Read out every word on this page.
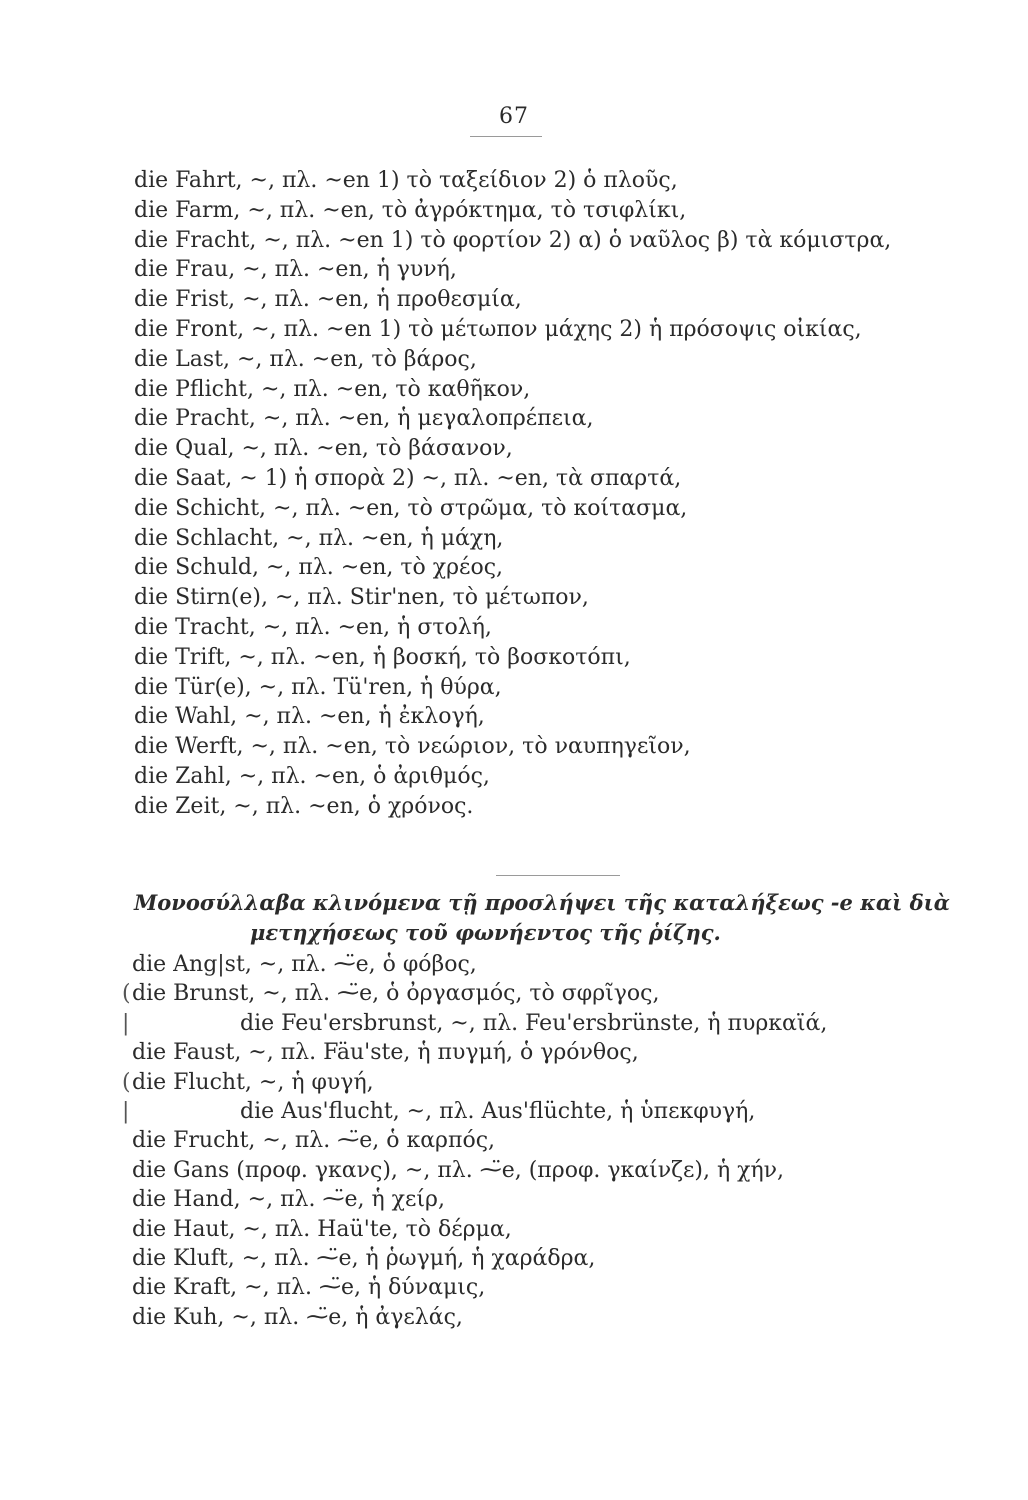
67
die Fahrt, ~, πλ. ~en 1) τὸ ταξείδιον 2) ὁ πλοῦς,
die Farm, ~, πλ. ~en, τὸ ἀγρόκτημα, τὸ τσιφλίκι,
die Fracht, ~, πλ. ~en 1) τὸ φορτίον 2) α) ὁ ναῦλος β) τὰ κόμιστρα,
die Frau, ~, πλ. ~en, ἡ γυνή,
die Frist, ~, πλ. ~en, ἡ προθεσμία,
die Front, ~, πλ. ~en 1) τὸ μέτωπον μάχης 2) ἡ πρόσοψις οἰκίας,
die Last, ~, πλ. ~en, τὸ βάρος,
die Pflicht, ~, πλ. ~en, τὸ καθῆκον,
die Pracht, ~, πλ. ~en, ἡ μεγαλοπρέπεια,
die Qual, ~, πλ. ~en, τὸ βάσανον,
die Saat, ~ 1) ἡ σπορὰ 2) ~, πλ. ~en, τὰ σπαρτά,
die Schicht, ~, πλ. ~en, τὸ στρῶμα, τὸ κοίτασμα,
die Schlacht, ~, πλ. ~en, ἡ μάχη,
die Schuld, ~, πλ. ~en, τὸ χρέος,
die Stirn(e), ~, πλ. Stir'nen, τὸ μέτωπον,
die Tracht, ~, πλ. ~en, ἡ στολή,
die Trift, ~, πλ. ~en, ἡ βοσκή, τὸ βοσκοτόπι,
die Tür(e), ~, πλ. Tü'ren, ἡ θύρα,
die Wahl, ~, πλ. ~en, ἡ ἐκλογή,
die Werft, ~, πλ. ~en, τὸ νεώριον, τὸ ναυπηγεῖον,
die Zahl, ~, πλ. ~en, ὁ ἀριθμός,
die Zeit, ~, πλ. ~en, ὁ χρόνος.
Μονοσύλλαβα κλινόμενα τῇ προσλήψει τῆς καταλήξεως -e καὶ διὰ
μετηχήσεως τοῦ φωνήεντος τῆς ῥίζης.
die Ang|st, ~, πλ. ⁓̈e, ὁ φόβος,
(die Brunst, ~, πλ. ⁓̈e, ὁ ὀργασμός, τὸ σφρῖγος,
|	die Feu'ersbrunst, ~, πλ. Feu'ersbrünste, ἡ πυρκαϊά,
die Faust, ~, πλ. Fäu'ste, ἡ πυγμή, ὁ γρόνθος,
(die Flucht, ~, ἡ φυγή,
|	die Aus'flucht, ~, πλ. Aus'flüchte, ἡ ὑπεκφυγή,
die Frucht, ~, πλ. ⁓̈e, ὁ καρπός,
die Gans (προφ. γκανς), ~, πλ. ⁓̈e, (προφ. γκαίνζε), ἡ χήν,
die Hand, ~, πλ. ⁓̈e, ἡ χείρ,
die Haut, ~, πλ. Haü'te, τὸ δέρμα,
die Kluft, ~, πλ. ⁓̈e, ἡ ῥωγμή, ἡ χαράδρα,
die Kraft, ~, πλ. ⁓̈e, ἡ δύναμις,
die Kuh, ~, πλ. ⁓̈e, ἡ ἀγελάς,
